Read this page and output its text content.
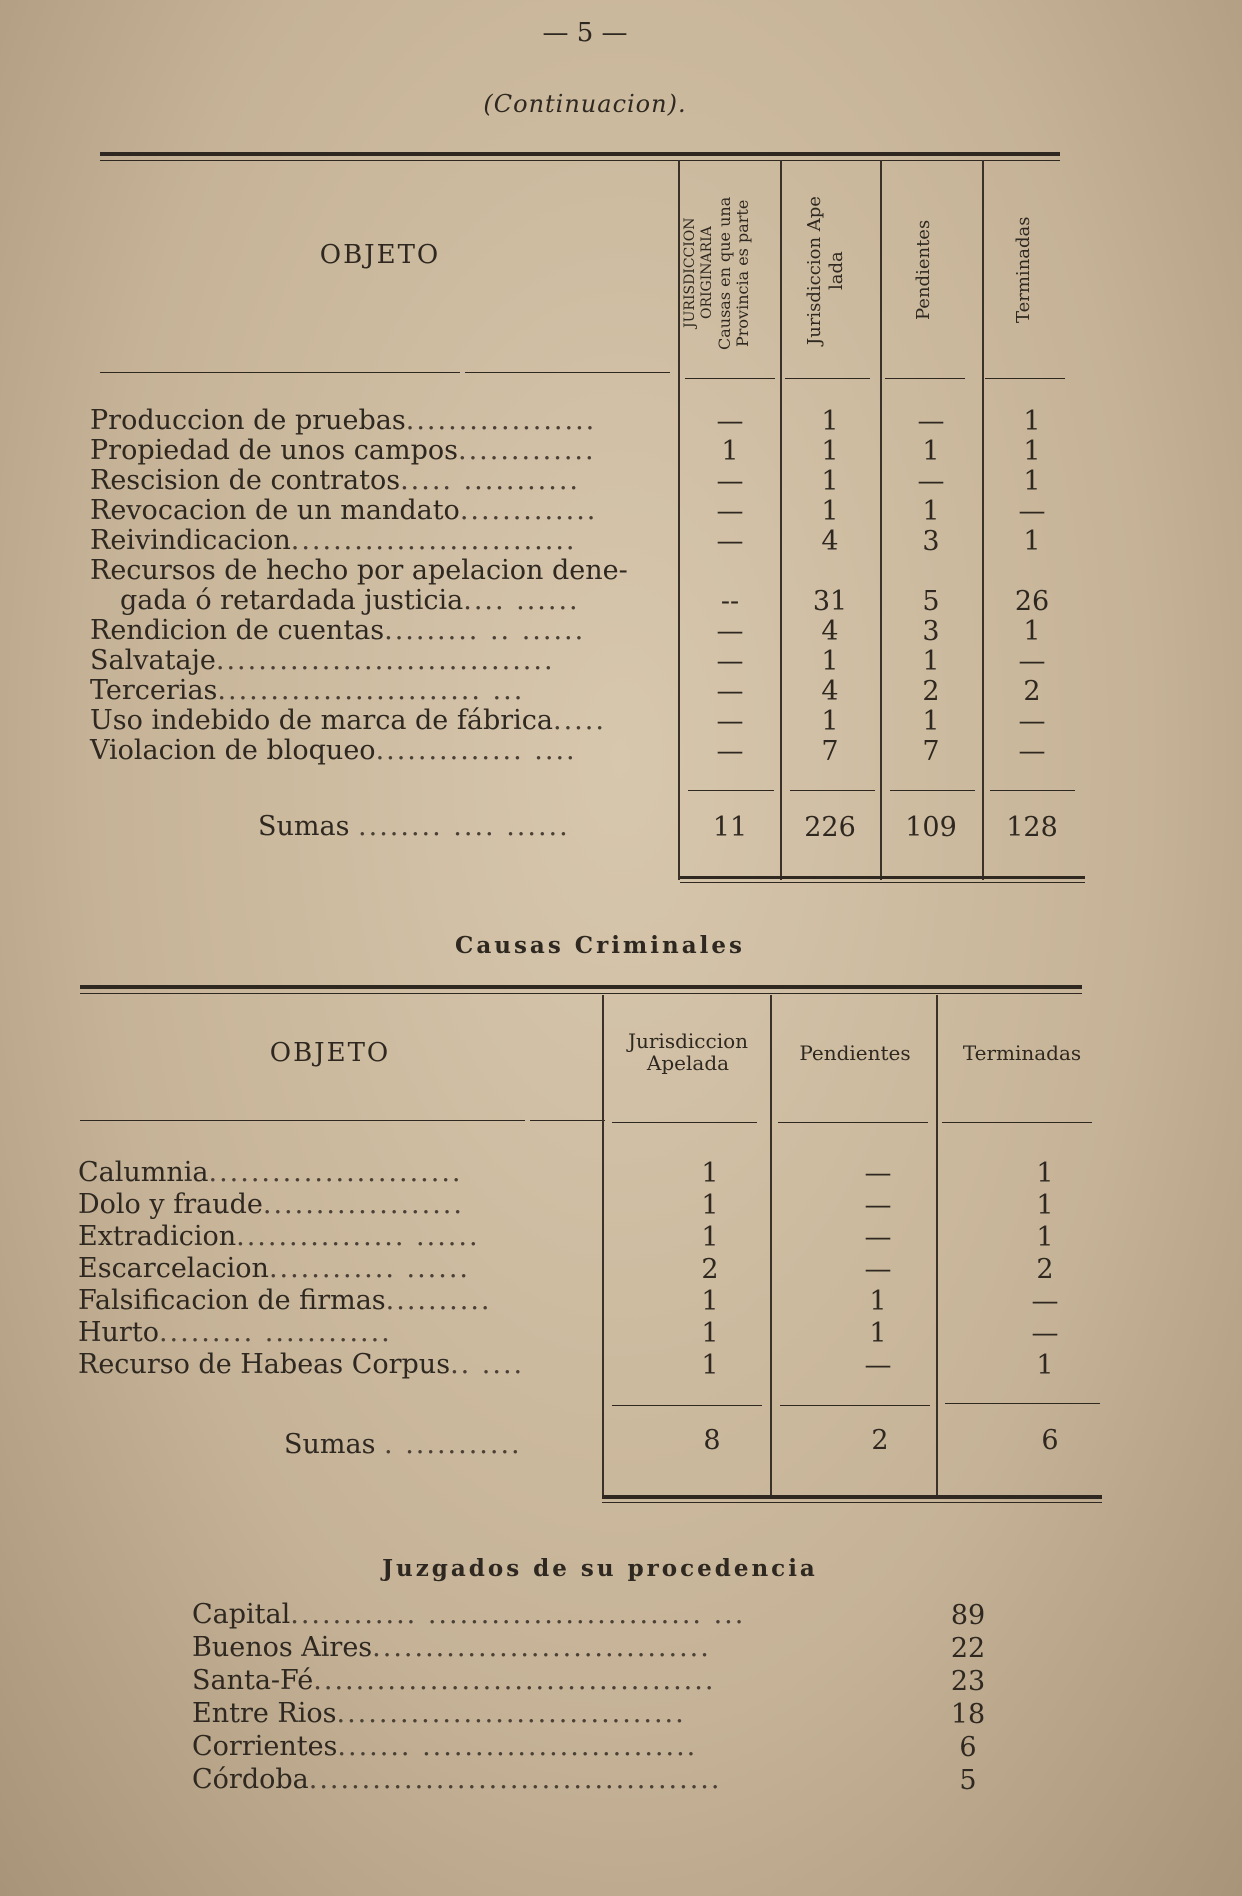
— 5 —
(Continuacion).
OBJETO	JURISDICCION
ORIGINARIA
Causas en que una
Provincia es parte	Jurisdiccion Ape
lada	Pendientes	Terminadas
Produccion de pruebas..................	—	1	—	1
Propiedad de unos campos.............	1	1	1	1
Rescision de contratos..... ...........	—	1	—	1
Revocacion de un mandato.............	—	1	1	—
Reivindicacion...........................	—	4	3	1
Recursos de hecho por apelacion dene-
gada ó retardada justicia.... ......	--	31	5	26
Rendicion de cuentas......... .. ......	—	4	3	1
Salvataje................................	—	1	1	—
Tercerias......................... ...	—	4	2	2
Uso indebido de marca de fábrica.....	—	1	1	—
Violacion de bloqueo.............. ....	—	7	7	—
Sumas ........ .... ......	11	226	109	128
Causas Criminales
OBJETO	Jurisdiccion
Apelada	Pendientes	Terminadas
Calumnia........................	1	—	1
Dolo y fraude...................	1	—	1
Extradicion................ ......	1	—	1
Escarcelacion............ ......	2	—	2
Falsificacion de firmas..........	1	1	—
Hurto......... ............	1	1	—
Recurso de Habeas Corpus.. ....	1	—	1
Sumas . ...........	8	2	6
Juzgados de su procedencia
Capital............ .......................... ...	89
Buenos Aires................................	22
Santa-Fé......................................	23
Entre Rios.................................	18
Corrientes....... ..........................	6
Córdoba.......................................	5
